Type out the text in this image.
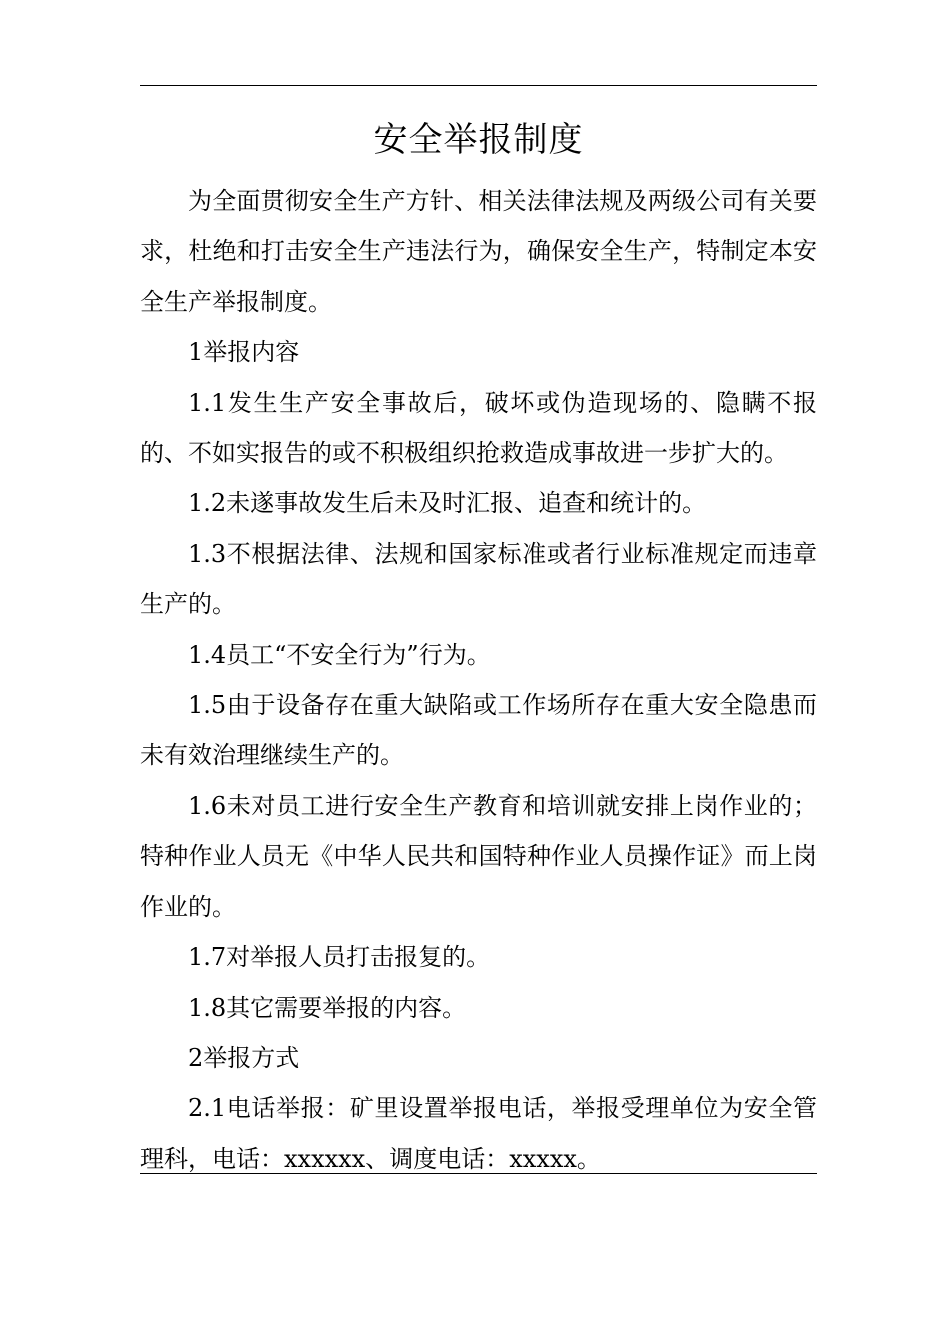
安全举报制度

为全面贯彻安全生产方针、相关法律法规及两级公司有关要求，杜绝和打击安全生产违法行为，确保安全生产，特制定本安全生产举报制度。

1举报内容

1.1发生生产安全事故后，破坏或伪造现场的、隐瞒不报的、不如实报告的或不积极组织抢救造成事故进一步扩大的。

1.2未遂事故发生后未及时汇报、追查和统计的。

1.3不根据法律、法规和国家标准或者行业标准规定而违章生产的。

1.4员工“不安全行为”行为。

1.5由于设备存在重大缺陷或工作场所存在重大安全隐患而未有效治理继续生产的。

1.6未对员工进行安全生产教育和培训就安排上岗作业的；特种作业人员无《中华人民共和国特种作业人员操作证》而上岗作业的。

1.7对举报人员打击报复的。

1.8其它需要举报的内容。

2举报方式

2.1电话举报：矿里设置举报电话，举报受理单位为安全管理科，电话：xxxxxx、调度电话：xxxxx。
